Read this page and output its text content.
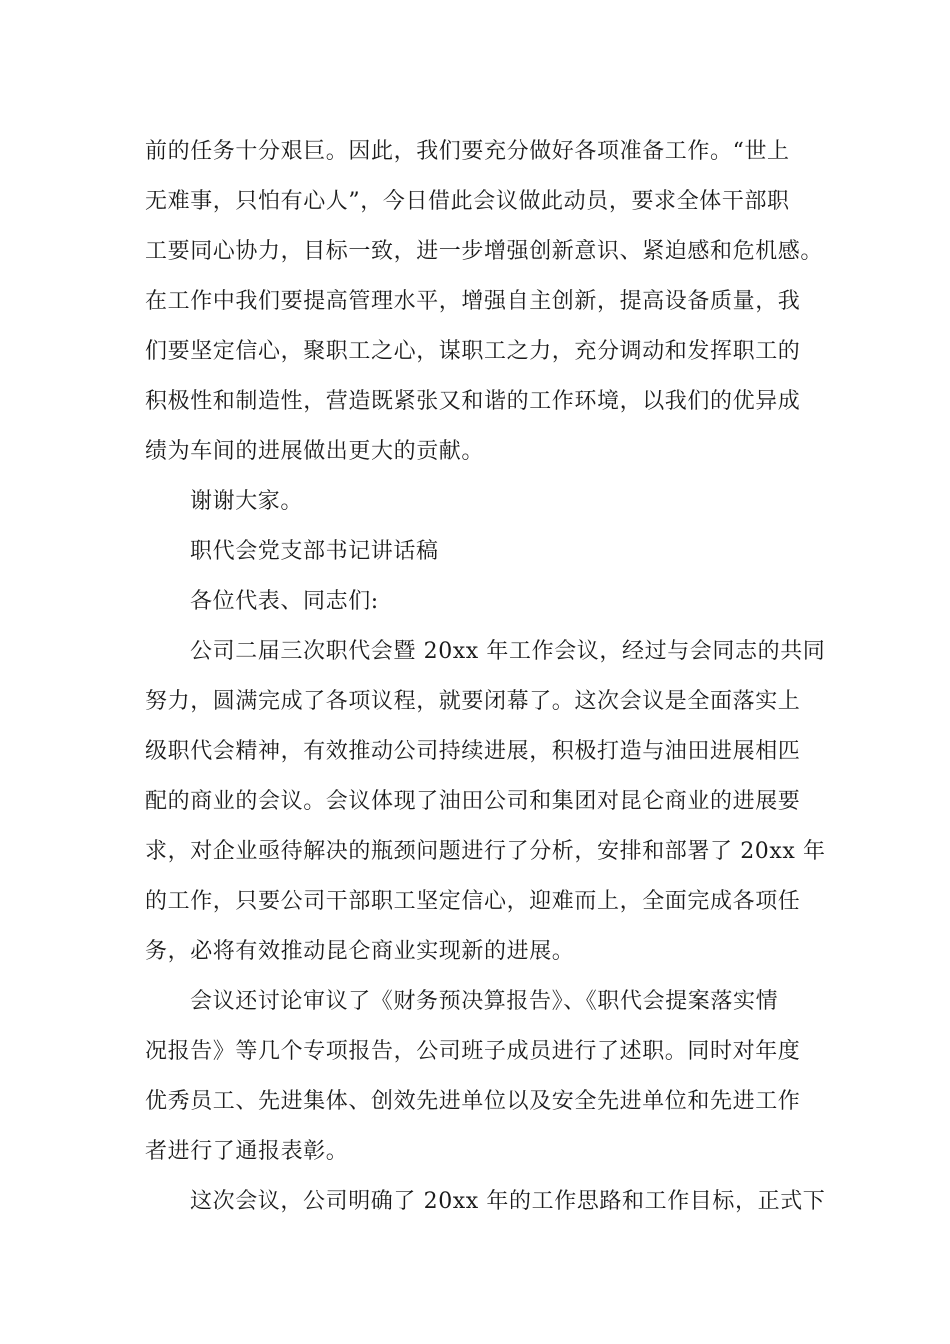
前的任务十分艰巨。因此，我们要充分做好各项准备工作。“世上
无难事，只怕有心人”，今日借此会议做此动员，要求全体干部职
工要同心协力，目标一致，进一步增强创新意识、紧迫感和危机感。
在工作中我们要提高管理水平，增强自主创新，提高设备质量，我
们要坚定信心，聚职工之心，谋职工之力，充分调动和发挥职工的
积极性和制造性，营造既紧张又和谐的工作环境，以我们的优异成
绩为车间的进展做出更大的贡献。
谢谢大家。
职代会党支部书记讲话稿
各位代表、同志们:
公司二届三次职代会暨 20xx 年工作会议，经过与会同志的共同
努力，圆满完成了各项议程，就要闭幕了。这次会议是全面落实上
级职代会精神，有效推动公司持续进展，积极打造与油田进展相匹
配的商业的会议。会议体现了油田公司和集团对昆仑商业的进展要
求，对企业亟待解决的瓶颈问题进行了分析，安排和部署了 20xx 年
的工作，只要公司干部职工坚定信心，迎难而上，全面完成各项任
务，必将有效推动昆仑商业实现新的进展。
会议还讨论审议了《财务预决算报告》、《职代会提案落实情
况报告》等几个专项报告，公司班子成员进行了述职。同时对年度
优秀员工、先进集体、创效先进单位以及安全先进单位和先进工作
者进行了通报表彰。
这次会议，公司明确了 20xx 年的工作思路和工作目标，正式下
